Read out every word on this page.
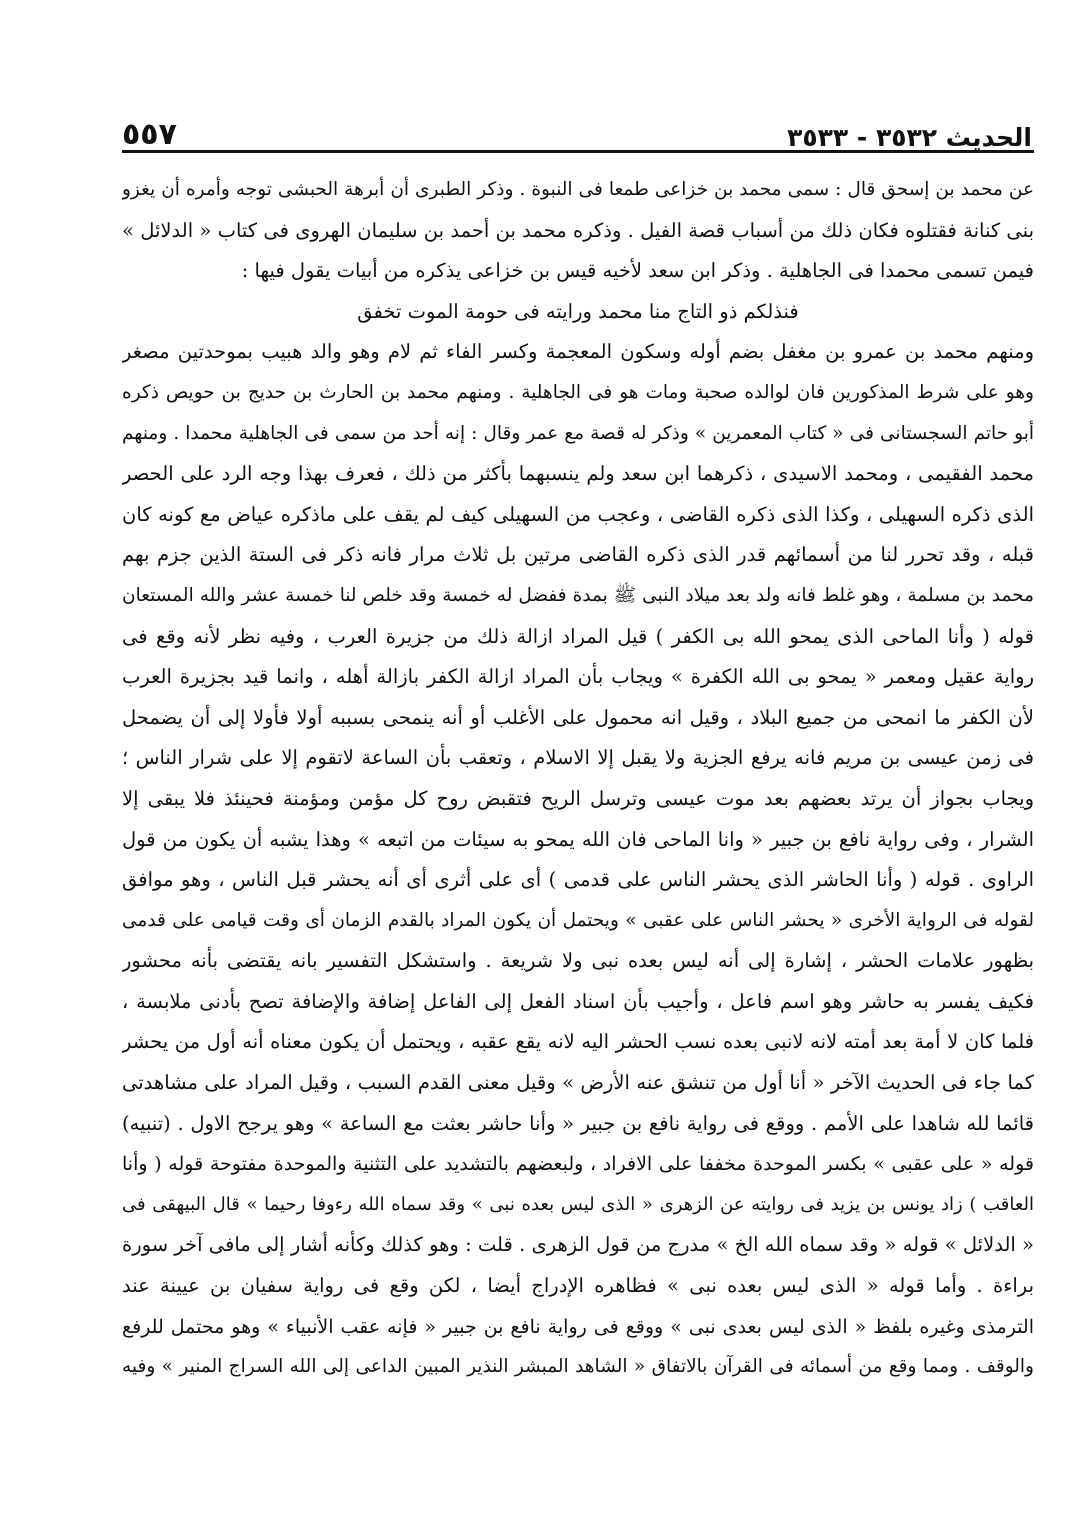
٥٥٧	الحديث ٣٥٣٢ - ٣٥٣٣
عن محمد بن إسحق قال : سمى محمد بن خزاعى طمعا فى النبوة . وذكر الطبرى أن أبرهة الحبشى توجه وأمره أن يغزو
بنى كنانة فقتلوه فكان ذلك من أسباب قصة الفيل . وذكره محمد بن أحمد بن سليمان الهروى فى كتاب « الدلائل »
فيمن تسمى محمدا فى الجاهلية . وذكر ابن سعد لأخيه قيس بن خزاعى يذكره من أبيات يقول فيها :
فنذلكم ذو التاج منا محمد ورايته فى حومة الموت تخفق
ومنهم محمد بن عمرو بن مغفل بضم أوله وسكون المعجمة وكسر الفاء ثم لام وهو والد هبيب بموحدتين مصغر
وهو على شرط المذكورين فان لوالده صحبة ومات هو فى الجاهلية . ومنهم محمد بن الحارث بن حديج بن حويص ذكره
أبو حاتم السجستانى فى « كتاب المعمرين » وذكر له قصة مع عمر وقال : إنه أحد من سمى فى الجاهلية محمدا . ومنهم
محمد الفقيمى ، ومحمد الاسيدى ، ذكرهما ابن سعد ولم ينسبهما بأكثر من ذلك ، فعرف بهذا وجه الرد على الحصر
الذى ذكره السهيلى ، وكذا الذى ذكره القاضى ، وعجب من السهيلى كيف لم يقف على ماذكره عياض مع كونه كان
قبله ، وقد تحرر لنا من أسمائهم قدر الذى ذكره القاضى مرتين بل ثلاث مرار فانه ذكر فى الستة الذين جزم بهم
محمد بن مسلمة ، وهو غلط فانه ولد بعد ميلاد النبى ﷺ بمدة ففضل له خمسة وقد خلص لنا خمسة عشر والله المستعان
قوله ( وأنا الماحى الذى يمحو الله بى الكفر ) قيل المراد ازالة ذلك من جزيرة العرب ، وفيه نظر لأنه وقع فى
رواية عقيل ومعمر « يمحو بى الله الكفرة » ويجاب بأن المراد ازالة الكفر بازالة أهله ، وانما قيد بجزيرة العرب
لأن الكفر ما انمحى من جميع البلاد ، وقيل انه محمول على الأغلب أو أنه ينمحى بسببه أولا فأولا إلى أن يضمحل
فى زمن عيسى بن مريم فانه يرفع الجزية ولا يقبل إلا الاسلام ، وتعقب بأن الساعة لاتقوم إلا على شرار الناس ؛
ويجاب بجواز أن يرتد بعضهم بعد موت عيسى وترسل الريح فتقبض روح كل مؤمن ومؤمنة فحينئذ فلا يبقى إلا
الشرار ، وفى رواية نافع بن جبير « وانا الماحى فان الله يمحو به سيئات من اتبعه » وهذا يشبه أن يكون من قول
الراوى . قوله ( وأنا الحاشر الذى يحشر الناس على قدمى ) أى على أثرى أى أنه يحشر قبل الناس ، وهو موافق
لقوله فى الرواية الأخرى « يحشر الناس على عقبى » ويحتمل أن يكون المراد بالقدم الزمان أى وقت قيامى على قدمى
بظهور علامات الحشر ، إشارة إلى أنه ليس بعده نبى ولا شريعة . واستشكل التفسير بانه يقتضى بأنه محشور
فكيف يفسر به حاشر وهو اسم فاعل ، وأجيب بأن اسناد الفعل إلى الفاعل إضافة والإضافة تصح بأدنى ملابسة ،
فلما كان لا أمة بعد أمته لانه لانبى بعده نسب الحشر اليه لانه يقع عقبه ، ويحتمل أن يكون معناه أنه أول من يحشر
كما جاء فى الحديث الآخر « أنا أول من تنشق عنه الأرض » وقيل معنى القدم السبب ، وقيل المراد على مشاهدتى
قائما لله شاهدا على الأمم . ووقع فى رواية نافع بن جبير « وأنا حاشر بعثت مع الساعة » وهو يرجح الاول . (تنبيه)
قوله « على عقبى » بكسر الموحدة مخففا على الافراد ، ولبعضهم بالتشديد على التثنية والموحدة مفتوحة قوله ( وأنا
العاقب ) زاد يونس بن يزيد فى روايته عن الزهرى « الذى ليس بعده نبى » وقد سماه الله رءوفا رحيما » قال البيهقى فى
« الدلائل » قوله « وقد سماه الله الخ » مدرج من قول الزهرى . قلت : وهو كذلك وكأنه أشار إلى مافى آخر سورة
براءة . وأما قوله « الذى ليس بعده نبى » فظاهره الإدراج أيضا ، لكن وقع فى رواية سفيان بن عيينة عند
الترمذى وغيره بلفظ « الذى ليس بعدى نبى » ووقع فى رواية نافع بن جبير « فإنه عقب الأنبياء » وهو محتمل للرفع
والوقف . ومما وقع من أسمائه فى القرآن بالاتفاق « الشاهد المبشر النذير المبين الداعى إلى الله السراج المنير » وفيه
